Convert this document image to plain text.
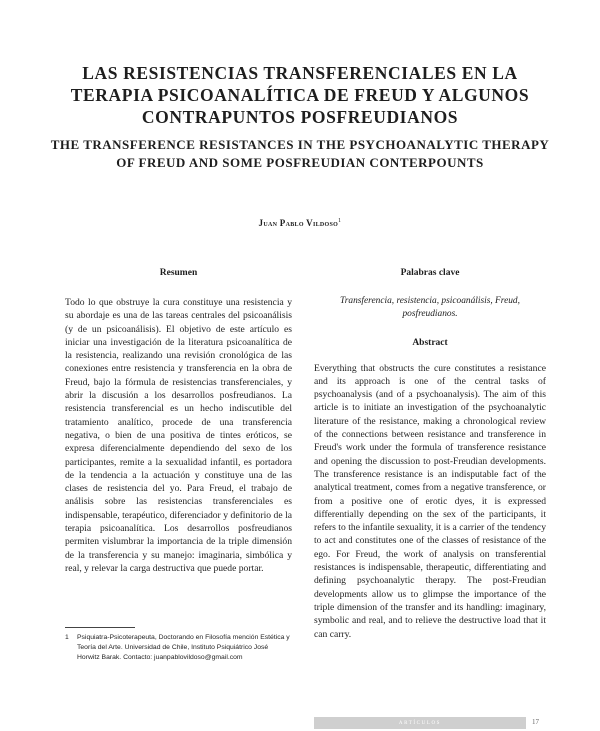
LAS RESISTENCIAS TRANSFERENCIALES EN LA TERAPIA PSICOANALÍTICA DE FREUD Y ALGUNOS CONTRAPUNTOS POSFREUDIANOS
THE TRANSFERENCE RESISTANCES IN THE PSYCHOANALYTIC THERAPY OF FREUD AND SOME POSFREUDIAN CONTERPOUNTS
Juan Pablo Vildoso$^1$
Resumen

Todo lo que obstruye la cura constituye una resistencia y su abordaje es una de las tareas centrales del psicoanálisis (y de un psicoanálisis). El objetivo de este artículo es iniciar una investigación de la literatura psicoanalítica de la resistencia, realizando una revisión cronológica de las conexiones entre resistencia y transferencia en la obra de Freud, bajo la fórmula de resistencias transferenciales, y abrir la discusión a los desarrollos posfreudianos. La resistencia transferencial es un hecho indiscutible del tratamiento analítico, procede de una transferencia negativa, o bien de una positiva de tintes eróticos, se expresa diferencialmente dependiendo del sexo de los participantes, remite a la sexualidad infantil, es portadora de la tendencia a la actuación y constituye una de las clases de resistencia del yo. Para Freud, el trabajo de análisis sobre las resistencias transferenciales es indispensable, terapéutico, diferenciador y definitorio de la terapia psicoanalítica. Los desarrollos posfreudianos permiten vislumbrar la importancia de la triple dimensión de la transferencia y su manejo: imaginaria, simbólica y real, y relevar la carga destructiva que puede portar.

Palabras clave

Transferencia, resistencia, psicoanálisis, Freud, posfreudianos.

Abstract

Everything that obstructs the cure constitutes a resistance and its approach is one of the central tasks of psychoanalysis (and of a psychoanalysis). The aim of this article is to initiate an investigation of the psychoanalytic literature of the resistance, making a chronological review of the connections between resistance and transference in Freud's work under the formula of transference resistance and opening the discussion to post-Freudian developments. The transference resistance is an indisputable fact of the analytical treatment, comes from a negative transference, or from a positive one of erotic dyes, it is expressed differentially depending on the sex of the participants, it refers to the infantile sexuality, it is a carrier of the tendency to act and constitutes one of the classes of resistance of the ego. For Freud, the work of analysis on transferential resistances is indispensable, therapeutic, differentiating and defining psychoanalytic therapy. The post-Freudian developments allow us to glimpse the importance of the triple dimension of the transfer and its handling: imaginary, symbolic and real, and to relieve the destructive load that it can carry.

1	Psiquiatra-Psicoterapeuta, Doctorando en Filosofía mención Estética y Teoría del Arte. Universidad de Chile, Instituto Psiquiátrico José Horwitz Barak. Contacto: juanpablovildoso@gmail.com
ARTÍCULOS	17
